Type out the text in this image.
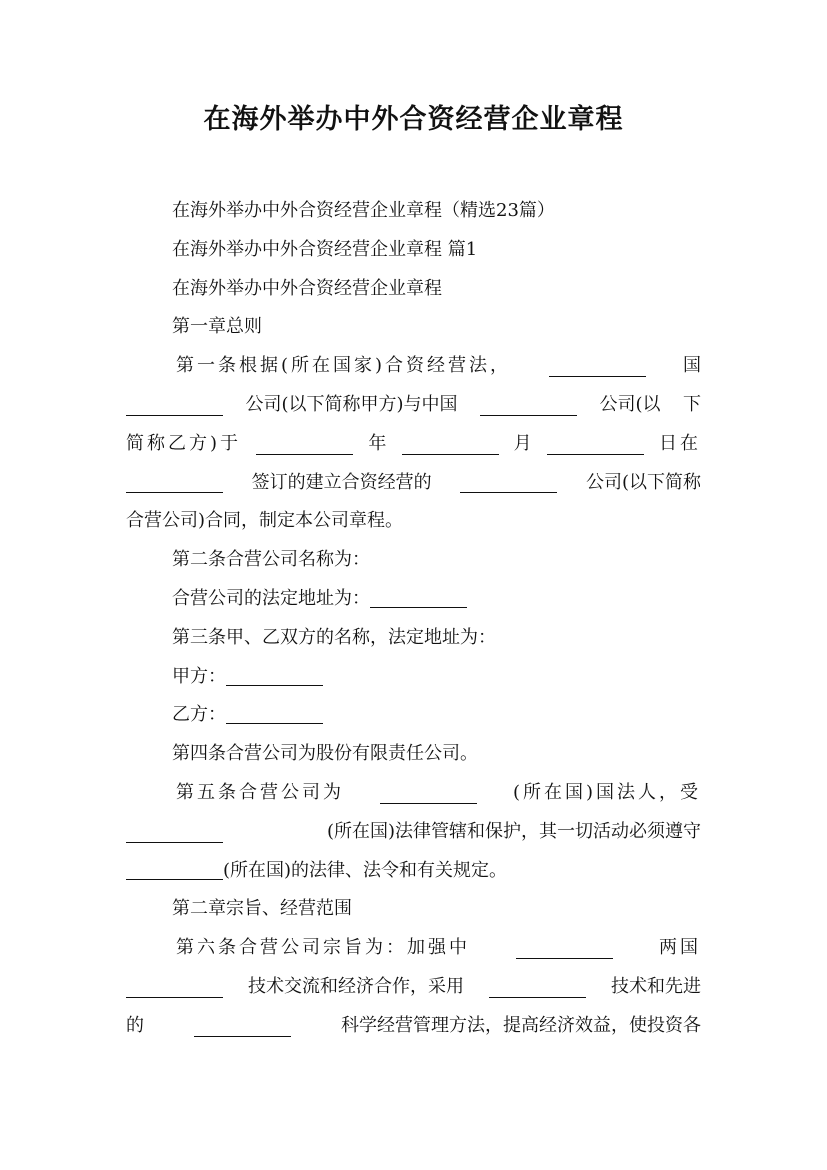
在海外举办中外合资经营企业章程
在海外举办中外合资经营企业章程（精选23篇）
在海外举办中外合资经营企业章程 篇1
在海外举办中外合资经营企业章程
第一章总则
第一条根据(所在国家)合资经营法，	国
公司(以下简称甲方)与中国	公司(以 下
简称乙方)于	年	月	日在
签订的建立合资经营的	公司(以下简称
合营公司)合同，制定本公司章程。
第二条合营公司名称为：
合营公司的法定地址为：
第三条甲、乙双方的名称，法定地址为：
甲方：
乙方：
第四条合营公司为股份有限责任公司。
第五条合营公司为	(所在国)国法人，受
(所在国)法律管辖和保护，其一切活动必须遵守
(所在国)的法律、法令和有关规定。
第二章宗旨、经营范围
第六条合营公司宗旨为：加强中	两国
技术交流和经济合作，采用	技术和先进
的	科学经营管理方法，提高经济效益，使投资各
